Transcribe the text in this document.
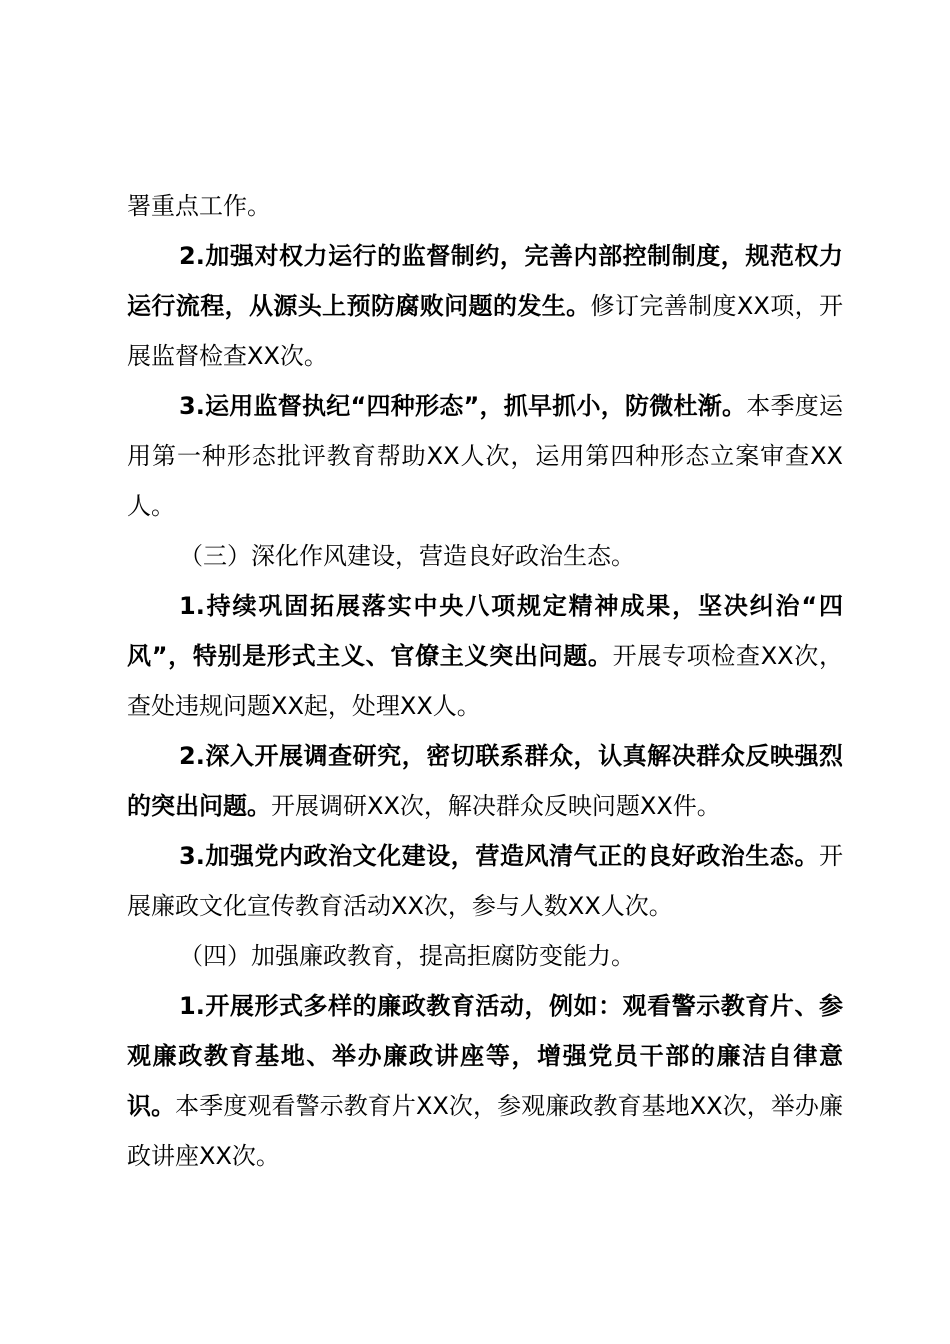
署重点工作。

2.加强对权力运行的监督制约，完善内部控制制度，规范权力运行流程，从源头上预防腐败问题的发生。修订完善制度XX项，开展监督检查XX次。

3.运用监督执纪“四种形态”，抓早抓小，防微杜渐。本季度运用第一种形态批评教育帮助XX人次，运用第四种形态立案审查XX人。

（三）深化作风建设，营造良好政治生态。

1.持续巩固拓展落实中央八项规定精神成果，坚决纠治“四风”，特别是形式主义、官僚主义突出问题。开展专项检查XX次，查处违规问题XX起，处理XX人。

2.深入开展调查研究，密切联系群众，认真解决群众反映强烈的突出问题。开展调研XX次，解决群众反映问题XX件。

3.加强党内政治文化建设，营造风清气正的良好政治生态。开展廉政文化宣传教育活动XX次，参与人数XX人次。

（四）加强廉政教育，提高拒腐防变能力。

1.开展形式多样的廉政教育活动，例如：观看警示教育片、参观廉政教育基地、举办廉政讲座等，增强党员干部的廉洁自律意识。本季度观看警示教育片XX次，参观廉政教育基地XX次，举办廉政讲座XX次。
